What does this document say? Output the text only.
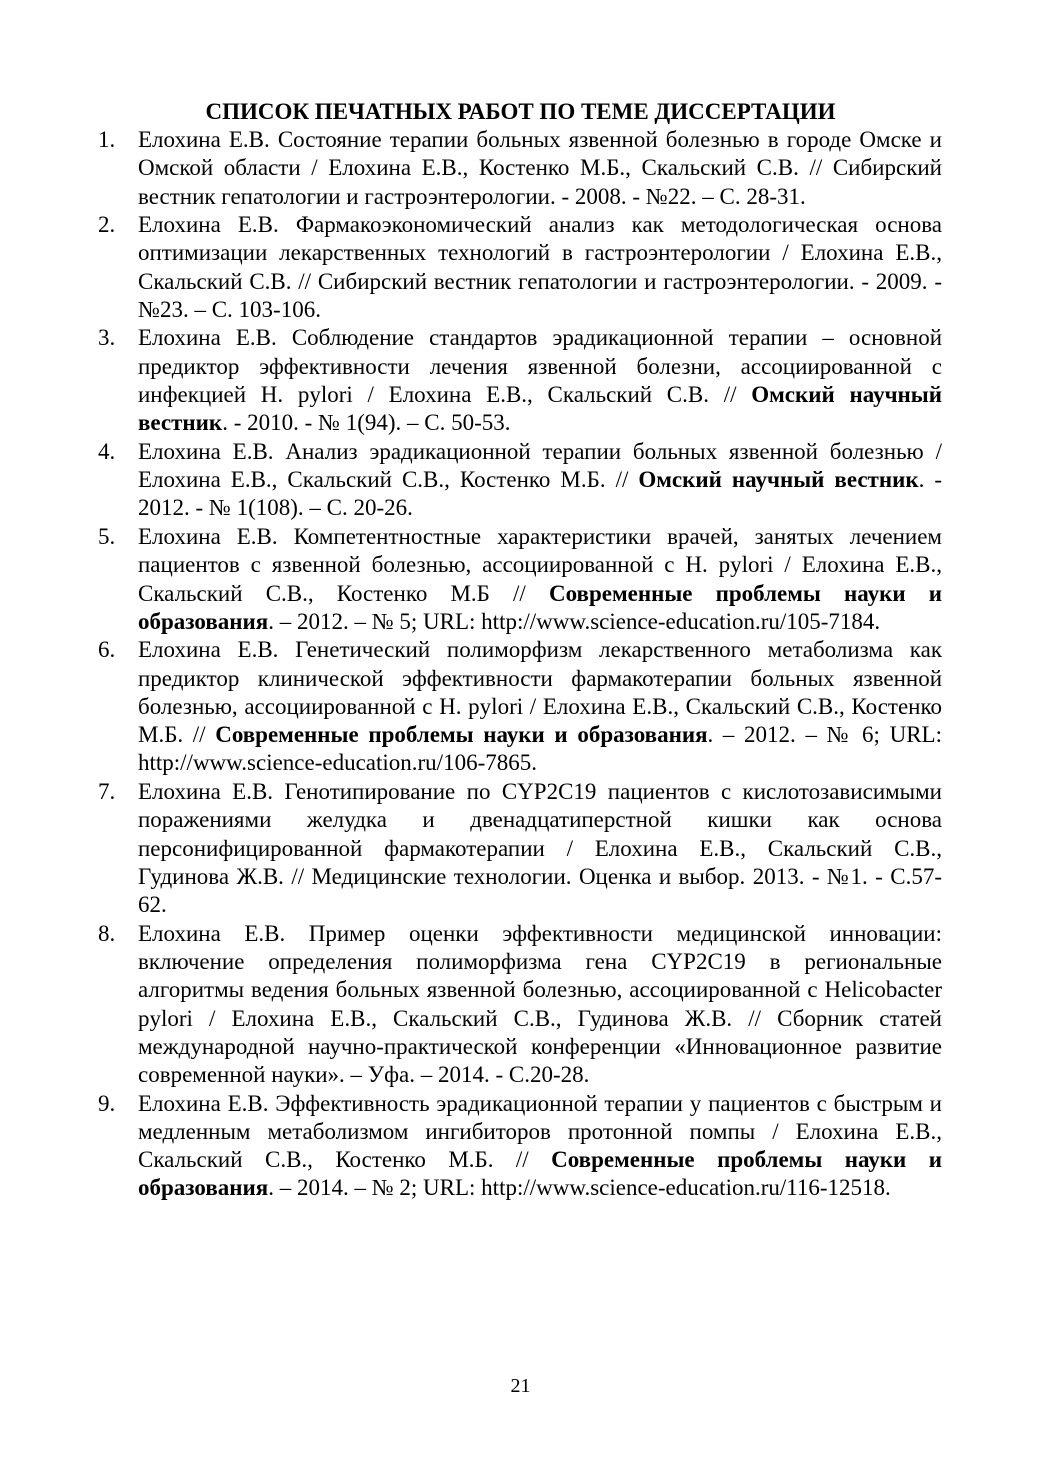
СПИСОК ПЕЧАТНЫХ РАБОТ ПО ТЕМЕ ДИССЕРТАЦИИ
1. Елохина Е.В. Состояние терапии больных язвенной болезнью в городе Омске и Омской области / Елохина Е.В., Костенко М.Б., Скальский С.В. // Сибирский вестник гепатологии и гастроэнтерологии. - 2008. - №22. – С. 28-31.
2. Елохина Е.В. Фармакоэкономический анализ как методологическая основа оптимизации лекарственных технологий в гастроэнтерологии / Елохина Е.В., Скальский С.В. // Сибирский вестник гепатологии и гастроэнтерологии. - 2009. - №23. – С. 103-106.
3. Елохина Е.В. Соблюдение стандартов эрадикационной терапии – основной предиктор эффективности лечения язвенной болезни, ассоциированной с инфекцией H. pylori / Елохина Е.В., Скальский С.В. // Омский научный вестник. - 2010. - № 1(94). – С. 50-53.
4. Елохина Е.В. Анализ эрадикационной терапии больных язвенной болезнью / Елохина Е.В., Скальский С.В., Костенко М.Б. // Омский научный вестник. - 2012. - № 1(108). – С. 20-26.
5. Елохина Е.В. Компетентностные характеристики врачей, занятых лечением пациентов с язвенной болезнью, ассоциированной с H. pylori / Елохина Е.В., Скальский С.В., Костенко М.Б // Современные проблемы науки и образования. – 2012. – № 5; URL: http://www.science-education.ru/105-7184.
6. Елохина Е.В. Генетический полиморфизм лекарственного метаболизма как предиктор клинической эффективности фармакотерапии больных язвенной болезнью, ассоциированной с H. pylori / Елохина Е.В., Скальский С.В., Костенко М.Б. // Современные проблемы науки и образования. – 2012. – № 6; URL: http://www.science-education.ru/106-7865.
7. Елохина Е.В. Генотипирование по CYP2C19 пациентов с кислотозависимыми поражениями желудка и двенадцатиперстной кишки как основа персонифицированной фармакотерапии / Елохина Е.В., Скальский С.В., Гудинова Ж.В. // Медицинские технологии. Оценка и выбор. 2013. - №1. - С.57-62.
8. Елохина Е.В. Пример оценки эффективности медицинской инновации: включение определения полиморфизма гена CYP2C19 в региональные алгоритмы ведения больных язвенной болезнью, ассоциированной с Helicobacter pylori / Елохина Е.В., Скальский С.В., Гудинова Ж.В. // Сборник статей международной научно-практической конференции «Инновационное развитие современной науки». – Уфа. – 2014. - С.20-28.
9. Елохина Е.В. Эффективность эрадикационной терапии у пациентов с быстрым и медленным метаболизмом ингибиторов протонной помпы / Елохина Е.В., Скальский С.В., Костенко М.Б. // Современные проблемы науки и образования. – 2014. – № 2; URL: http://www.science-education.ru/116-12518.
21
